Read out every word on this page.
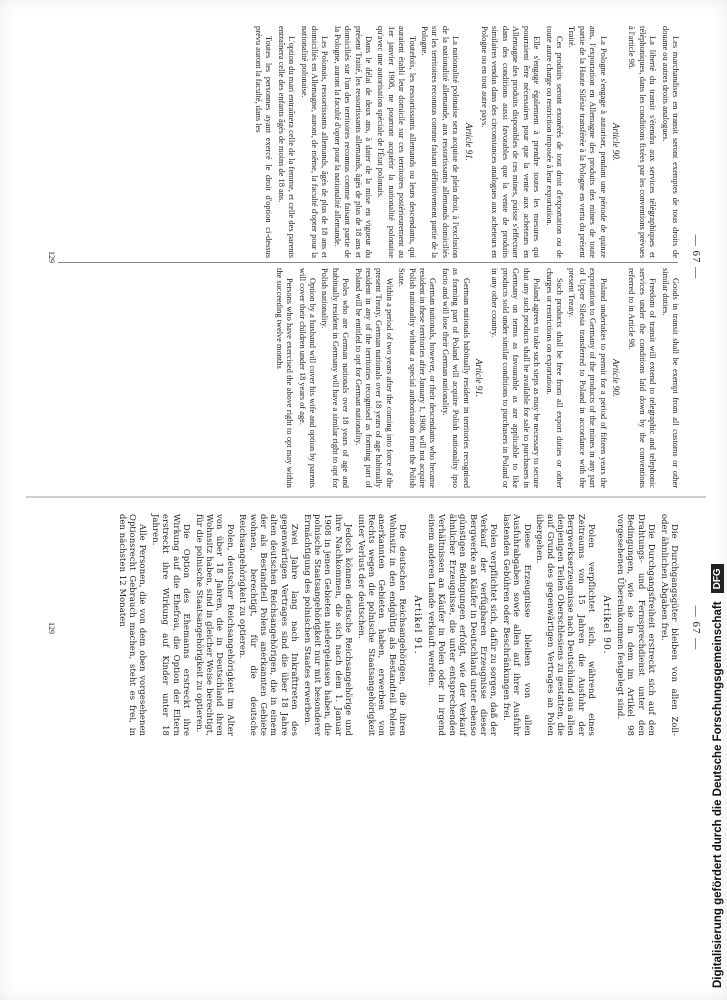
— 67 —

Les marchandises en transit seront exemptes de tous droits de douane ou autres droits analogues.

La liberté du transit s'étendra aux services télégraphiques et téléphoniques, dans les conditions fixées par les conventions prévues à l'article 98.

Article 90.

La Pologne s'engage à autoriser, pendant une période de quinze ans, l'exportation en Allemagne des produits des mines de toute partie de la Haute Silésie transférée à la Pologne en vertu du présent Traité.

Ces produits seront exonérés de tout droit d'exportation ou de toute autre charge ou restriction imposée à leur exportation.

Elle s'engage également à prendre toutes les mesures qui pourraient être nécessaires pour que la vente aux acheteurs en Allemagne des produits disponibles de ces mines, puisse s'effectuer dans des conditions aussi favorables que la vente de produits similaires vendus dans des circonstances analogues aux acheteurs en Pologne ou en tout autre pays.

Article 91.

La nationalité polonaise sera acquise de plein droit, à l'exclusion de la nationalité allemande, aux ressortissants allemands domiciliés sur les territoires reconnus comme faisant définitivement partie de la Pologne.

Toutefois, les ressortissants allemands ou leurs descendants, qui auraient établi leur domicile sur ces territoires postérieurement au 1er janvier 1908, ne pourront acquérir la nationalité polonaise qu'avec une autorisation spéciale de l'État polonais.

Dans le délai de deux ans, à dater de la mise en vigueur du présent Traité, les ressortissants allemands, âgés de plus de 18 ans et domiciliés sur l'un des territoires reconnus comme faisant partie de la Pologne, auront la faculté d'opter pour la nationalité allemande.

Les Polonais, ressortissants allemands, âgés de plus de 18 ans et domiciliés en Allemagne, auront, de même, la faculté d'opter pour la nationalité polonaise.

L'option du mari entraînera celle de la femme, et celle des parents entraînera celle des enfants âgés de moins de 18 ans.

Toutes les personnes ayant exercé le droit d'option ci-dessus prévu auront la faculté, dans les

Goods in transit shall be exempt from all customs or other similar duties.

Freedom of transit will extend to telegraphic and telephonic services under the conditions laid down by the conventions referred to in Article 98.

Article 90.

Poland undertakes to permit for a period of fifteen years the exportation to Germany of the products of the mines in any part of Upper Silesia transferred to Poland in accordance with the present Treaty.

Such products shall be free from all export duties or other charges or restrictions on exportation.

Poland agrees to take such steps as may be necessary to secure that any such products shall be available for sale to purchasers in Germany on terms as favourable as are applicable to like products sold under similar conditions to purchasers in Poland or in any other country.

Article 91.

German nationals habitually resident in territories recognised as forming part of Poland will acquire Polish nationality ipso facto and will lose their German nationality.

German nationals, however, or their descendants who became resident in these territories after January 1, 1908, will not acquire Polish nationality without a special authorisation from the Polish State.

Within a period of two years after the coming into force of the present Treaty, German nationals over 18 years of age habitually resident in any of the territories recognised as forming part of Poland will be entitled to opt for German nationality.

Poles who are German nationals over 18 years of age and habitually resident in Germany will have a similar right to opt for Polish nationality.

Option by a husband will cover his wife and option by parents will cover their children under 18 years of age.

Persons who have exercised the above right to opt may within the succeeding twelve months

129
— 67 —

Die Durchgangsgüter bleiben von allen Zoll- oder ähnlichen Abgaben frei.

Die Durchgangsfreiheit erstreckt sich auf den Drahtungs- und Fernsprechdienst unter den Bedingungen, wie sie in dem im Artikel 98 vorgesehenen Übereinkommen festgelegt sind.

Artikel 90.

Polen verpflichtet sich, während eines Zeitraums von 15 Jahren die Ausfuhr der Bergwerkserzeugnisse nach Deutschland aus allen denjenigen Teilen Oberschlesiens zu gestatten, die auf Grund des gegenwärtigen Vertrages an Polen übergehen.

Diese Erzeugnisse bleiben von allen Ausfuhrabgaben sowie allen auf ihrer Ausfuhr lastenden Gebühren oder Beschränkungen frei.

Polen verpflichtet sich, dafür zu sorgen, daß der Verkauf der verfügbaren Erzeugnisse dieser Bergwerke an Käufer in Deutschland unter ebenso günstigen Bedingungen erfolgt, wie der Verkauf ähnlicher Erzeugnisse, die unter entsprechenden Verhältnissen an Käufer in Polen oder in irgend einem anderen Lande verkauft werden.

Artikel 91.

Die deutschen Reichsangehörigen, die ihren Wohnsitz in den endgültig als Bestandteil Polens anerkannten Gebieten haben, erwerben von Rechts wegen die polnische Staatsangehörigkeit unter Verlust der deutschen.

Jedoch können deutsche Reichsangehörige und ihre Nachkommen, die sich nach dem 1. Januar 1908 in jenen Gebieten niedergelassen haben, die polnische Staatsangehörigkeit nur mit besonderer Ermächtigung des polnischen Staates erwerben.

Zwei Jahre lang nach Inkrafttreten des gegenwärtigen Vertrages sind die über 18 Jahre alten deutschen Reichsangehörigen, die in einem der als Bestandteil Polens anerkannten Gebiete wohnen, berechtigt, für die deutsche Reichsangehörigkeit zu optieren.

Polen, deutscher Reichsangehörigkeit im Alter von über 18 Jahren, die in Deutschland ihren Wohnsitz haben, sind in gleicher Weise berechtigt, für die polnische Staatsangehörigkeit zu optieren.

Die Option des Ehemanns erstreckt ihre Wirkung auf die Ehefrau, die Option der Eltern erstreckt ihre Wirkung auf Kinder unter 18 Jahren.

Alle Personen, die von dem oben vorgesehenen Optionsrecht Gebrauch machen, steht es frei, in den nächsten 12 Monaten

129	Digitalisierung gefördert durch die Deutsche Forschungsgemeinschaft
DFG
